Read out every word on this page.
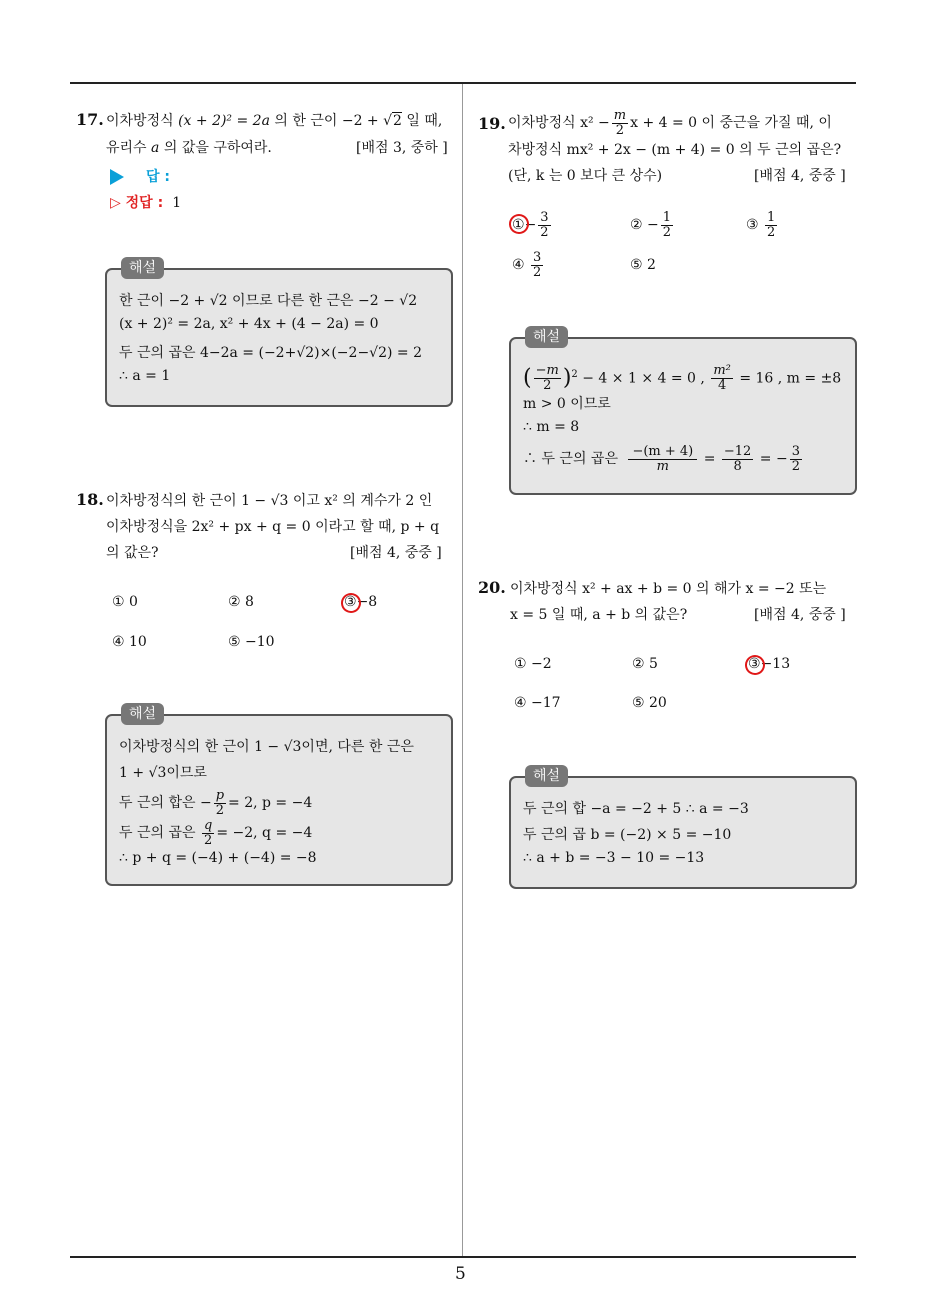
5
17. 이차방정식 (x + 2)² = 2a 의 한 근이 −2 + √2 일 때,
유리수 a 의 값을 구하여라.	[배점 3, 중하 ]
답 :
▷ 정답 : 1
해설
한 근이 −2 + √2 이므로 다른 한 근은 −2 − √2
(x + 2)² = 2a, x² + 4x + (4 − 2a) = 0
두 근의 곱은 4−2a = (−2+√2)×(−2−√2) = 2
∴ a = 1
18. 이차방정식의 한 근이 1 − √3 이고 x² 의 계수가 2 인
이차방정식을 2x² + px + q = 0 이라고 할 때, p + q
의 값은?	[배점 4, 중중 ]
① 0	② 8	③−8
④ 10	⑤ −10
해설
이차방정식의 한 근이 1 − √3이면, 다른 한 근은
1 + √3이므로
두 근의 합은 − $\frac{p}{2} = 2$, p = −4
두 근의 곱은 $\frac{q}{2} = -2$, q = −4
∴ p + q = (−4) + (−4) = −8
19. 이차방정식 $x^2 - \frac{m}{2}$ x + 4 = 0 이 중근을 가질 때, 이
차방정식 mx² + 2x − (m + 4) = 0 의 두 근의 곱은?
(단, k 는 0 보다 큰 상수)	[배점 4, 중중 ]
①− $\frac{3}{2}$	② − $\frac{1}{2}$	③ $\frac{1}{2}$
④ $\frac{3}{2}$	⑤ 2
해설
( $\frac{-m}{2} )^2 - 4 \times 1 \times 4 = 0$ , $\frac{\text{m²}}{4} = 16$ , m = ±8
m > 0 이므로
∴ m = 8
∴ 두 근의 곱은 $\frac{-(m + 4)}{m} = \frac{-12}{8}$ = − $\frac{3}{2}$
20. 이차방정식 x² + ax + b = 0 의 해가 x = −2 또는
x = 5 일 때, a + b 의 값은?	[배점 4, 중중 ]
① −2	② 5	③−13
④ −17	⑤ 20
해설
두 근의 합 −a = −2 + 5 ∴ a = −3
두 근의 곱 b = (−2) × 5 = −10
∴ a + b = −3 − 10 = −13
